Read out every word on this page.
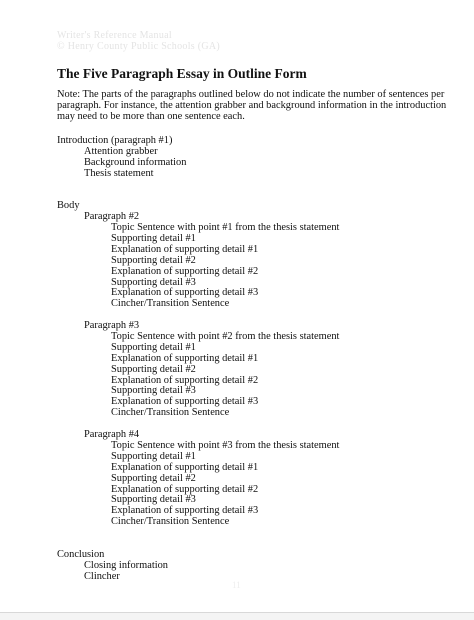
Writer's Reference Manual
© Henry County Public Schools (GA)
The Five Paragraph Essay in Outline Form
Note: The parts of the paragraphs outlined below do not indicate the number of sentences per
paragraph. For instance, the attention grabber and background information in the introduction
may need to be more than one sentence each.
Introduction (paragraph #1)
Attention grabber
Background information
Thesis statement
Body
Paragraph #2
Topic Sentence with point #1 from the thesis statement
Supporting detail #1
Explanation of supporting detail #1
Supporting detail #2
Explanation of supporting detail #2
Supporting detail #3
Explanation of supporting detail #3
Cincher/Transition Sentence
Paragraph #3
Topic Sentence with point #2 from the thesis statement
Supporting detail #1
Explanation of supporting detail #1
Supporting detail #2
Explanation of supporting detail #2
Supporting detail #3
Explanation of supporting detail #3
Cincher/Transition Sentence
Paragraph #4
Topic Sentence with point #3 from the thesis statement
Supporting detail #1
Explanation of supporting detail #1
Supporting detail #2
Explanation of supporting detail #2
Supporting detail #3
Explanation of supporting detail #3
Cincher/Transition Sentence
Conclusion
Closing information
Clincher
11
